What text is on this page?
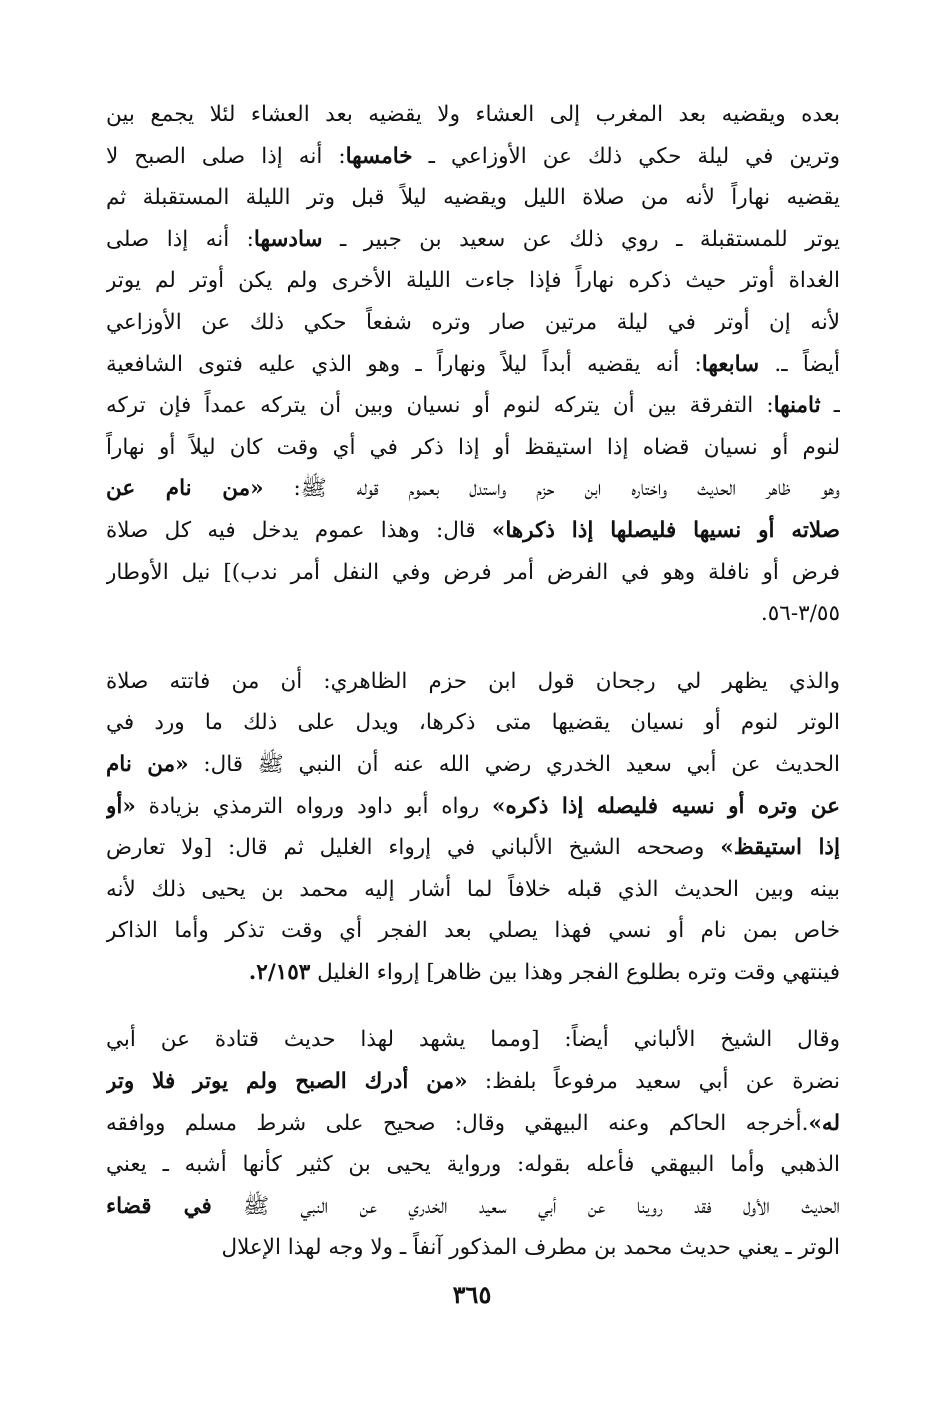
بعده ويقضيه بعد المغرب إلى العشاء ولا يقضيه بعد العشاء لئلا يجمع بين
وترين في ليلة حكي ذلك عن الأوزاعي ـ خامسها: أنه إذا صلى الصبح لا
يقضيه نهاراً لأنه من صلاة الليل ويقضيه ليلاً قبل وتر الليلة المستقبلة ثم
يوتر للمستقبلة ـ روي ذلك عن سعيد بن جبير ـ سادسها: أنه إذا صلى
الغداة أوتر حيث ذكره نهاراً فإذا جاءت الليلة الأخرى ولم يكن أوتر لم يوتر
لأنه إن أوتر في ليلة مرتين صار وتره شفعاً حكي ذلك عن الأوزاعي
أيضاً ـ. سابعها: أنه يقضيه أبداً ليلاً ونهاراً ـ وهو الذي عليه فتوى الشافعية
ـ ثامنها: التفرقة بين أن يتركه لنوم أو نسيان وبين أن يتركه عمداً فإن تركه
لنوم أو نسيان قضاه إذا استيقظ أو إذا ذكر في أي وقت كان ليلاً أو نهاراً
وهو ظاهر الحديث واختاره ابن حزم واستدل بعموم قوله ﷺ: «من نام عن
صلاته أو نسيها فليصلها إذا ذكرها» قال: وهذا عموم يدخل فيه كل صلاة
فرض أو نافلة وهو في الفرض أمر فرض وفي النفل أمر ندب)] نيل الأوطار
٣/٥٥-٥٦.
والذي يظهر لي رجحان قول ابن حزم الظاهري: أن من فاتته صلاة
الوتر لنوم أو نسيان يقضيها متى ذكرها، ويدل على ذلك ما ورد في
الحديث عن أبي سعيد الخدري رضي الله عنه أن النبي ﷺ قال: «من نام
عن وتره أو نسيه فليصله إذا ذكره» رواه أبو داود ورواه الترمذي بزيادة «أو
إذا استيقظ» وصححه الشيخ الألباني في إرواء الغليل ثم قال: [ولا تعارض
بينه وبين الحديث الذي قبله خلافاً لما أشار إليه محمد بن يحيى ذلك لأنه
خاص بمن نام أو نسي فهذا يصلي بعد الفجر أي وقت تذكر وأما الذاكر
فينتهي وقت وتره بطلوع الفجر وهذا بين ظاهر] إرواء الغليل ٢/١٥٣.
وقال الشيخ الألباني أيضاً: [ومما يشهد لهذا حديث قتادة عن أبي
نضرة عن أبي سعيد مرفوعاً بلفظ: «من أدرك الصبح ولم يوتر فلا وتر
له».أخرجه الحاكم وعنه البيهقي وقال: صحيح على شرط مسلم ووافقه
الذهبي وأما البيهقي فأعله بقوله: ورواية يحيى بن كثير كأنها أشبه ـ يعني
الحديث الأول فقد روينا عن أبي سعيد الخدري عن النبي ﷺ في قضاء
الوتر ـ يعني حديث محمد بن مطرف المذكور آنفاً ـ ولا وجه لهذا الإعلال
٣٦٥
